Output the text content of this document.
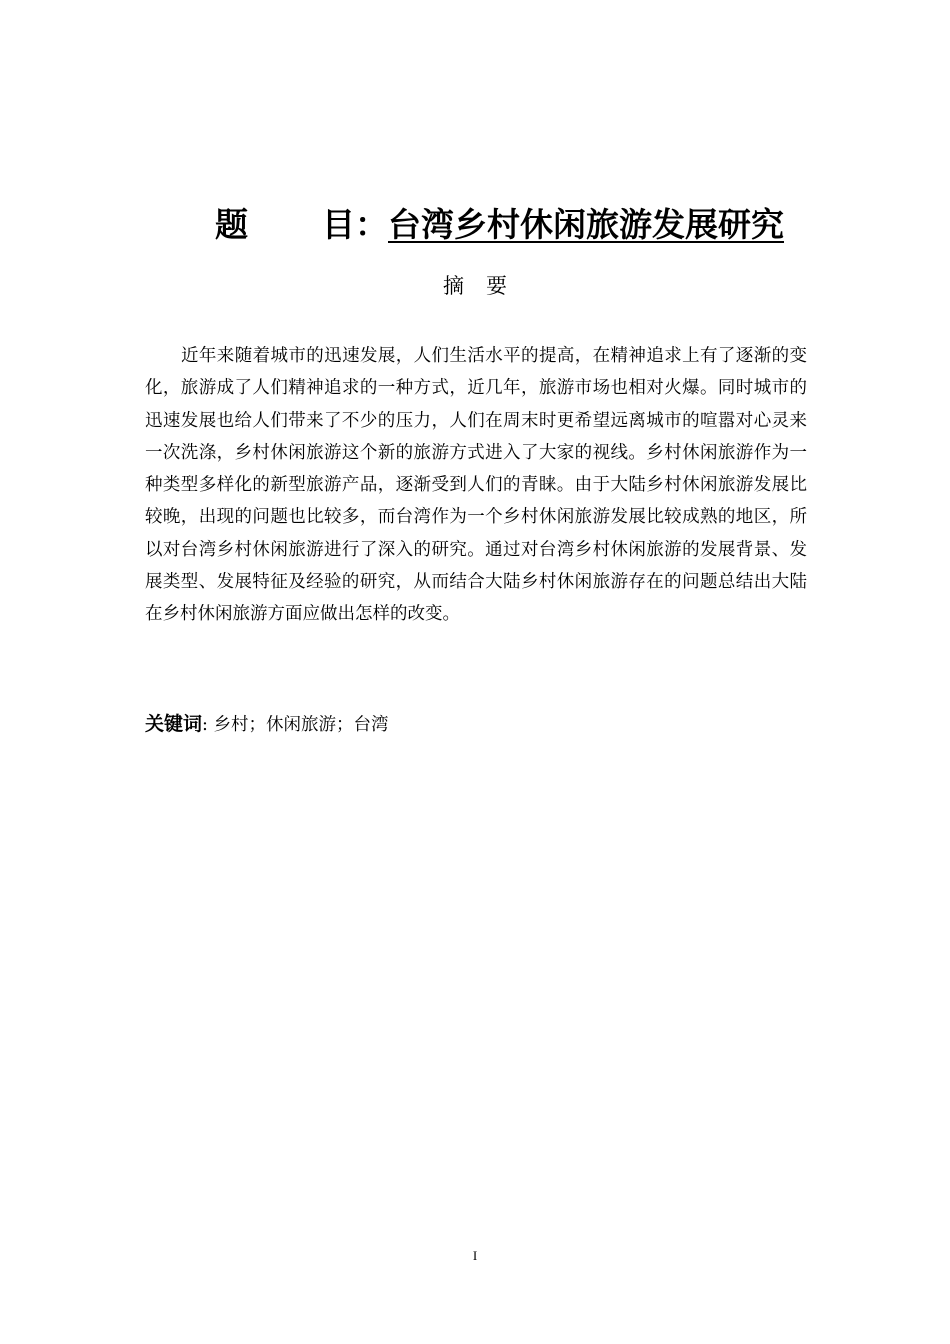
题 目：台湾乡村休闲旅游发展研究
摘要

近年来随着城市的迅速发展，人们生活水平的提高，在精神追求上有了逐渐的变化，旅游成了人们精神追求的一种方式，近几年，旅游市场也相对火爆。同时城市的迅速发展也给人们带来了不少的压力，人们在周末时更希望远离城市的喧嚣对心灵来一次洗涤，乡村休闲旅游这个新的旅游方式进入了大家的视线。乡村休闲旅游作为一种类型多样化的新型旅游产品，逐渐受到人们的青睐。由于大陆乡村休闲旅游发展比较晚，出现的问题也比较多，而台湾作为一个乡村休闲旅游发展比较成熟的地区，所以对台湾乡村休闲旅游进行了深入的研究。通过对台湾乡村休闲旅游的发展背景、发展类型、发展特征及经验的研究，从而结合大陆乡村休闲旅游存在的问题总结出大陆在乡村休闲旅游方面应做出怎样的改变。

关键词: 乡村；休闲旅游；台湾
I
